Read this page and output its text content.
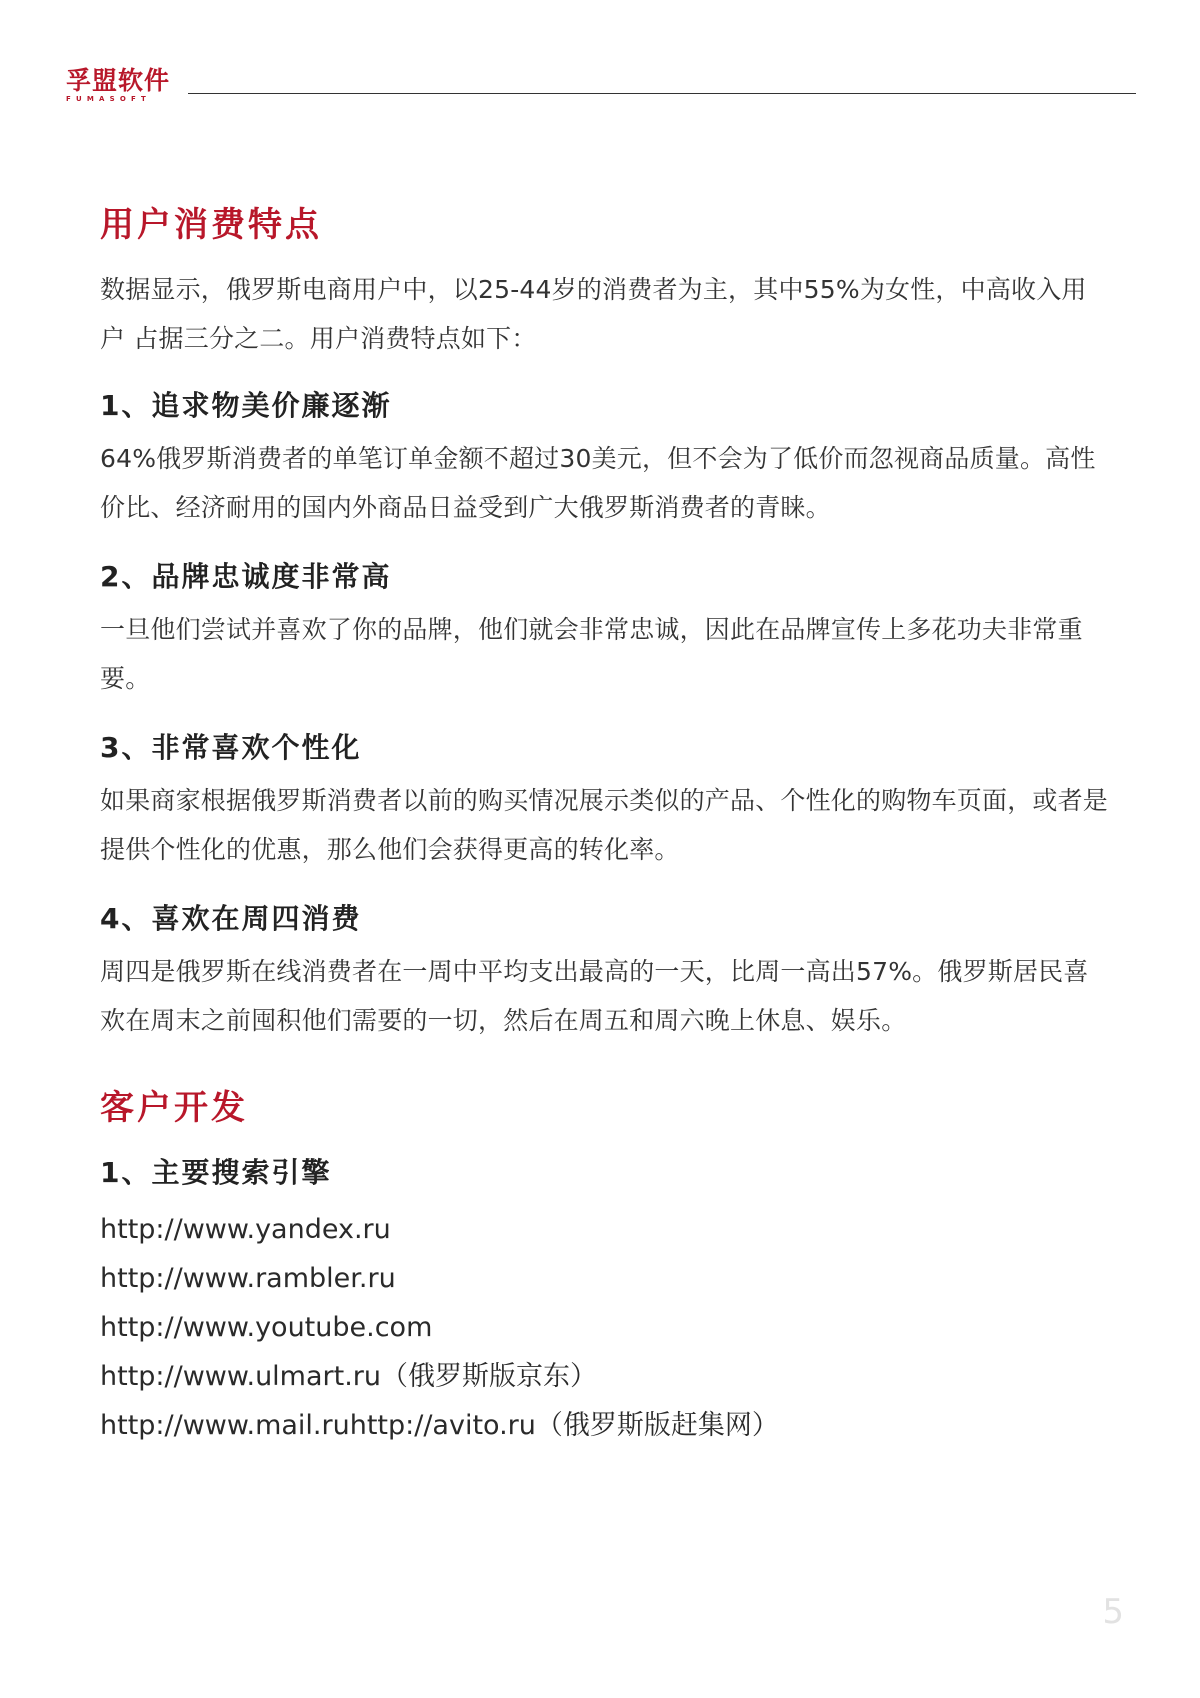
孚盟软件
FUMASOFT
用户消费特点

数据显示，俄罗斯电商用户中，以25-44岁的消费者为主，其中55%为女性，中高收入用户 占据三分之二。用户消费特点如下：

1、追求物美价廉逐渐

64%俄罗斯消费者的单笔订单金额不超过30美元，但不会为了低价而忽视商品质量。高性价比、经济耐用的国内外商品日益受到广大俄罗斯消费者的青睐。

2、品牌忠诚度非常高

一旦他们尝试并喜欢了你的品牌，他们就会非常忠诚，因此在品牌宣传上多花功夫非常重要。

3、非常喜欢个性化

如果商家根据俄罗斯消费者以前的购买情况展示类似的产品、个性化的购物车页面，或者是提供个性化的优惠，那么他们会获得更高的转化率。

4、喜欢在周四消费

周四是俄罗斯在线消费者在一周中平均支出最高的一天，比周一高出57%。俄罗斯居民喜欢在周末之前囤积他们需要的一切，然后在周五和周六晚上休息、娱乐。

客户开发
1、主要搜索引擎

http://www.yandex.ru

http://www.rambler.ru

http://www.youtube.com

http://www.ulmart.ru（俄罗斯版京东）

http://www.mail.ruhttp://avito.ru（俄罗斯版赶集网）

5
